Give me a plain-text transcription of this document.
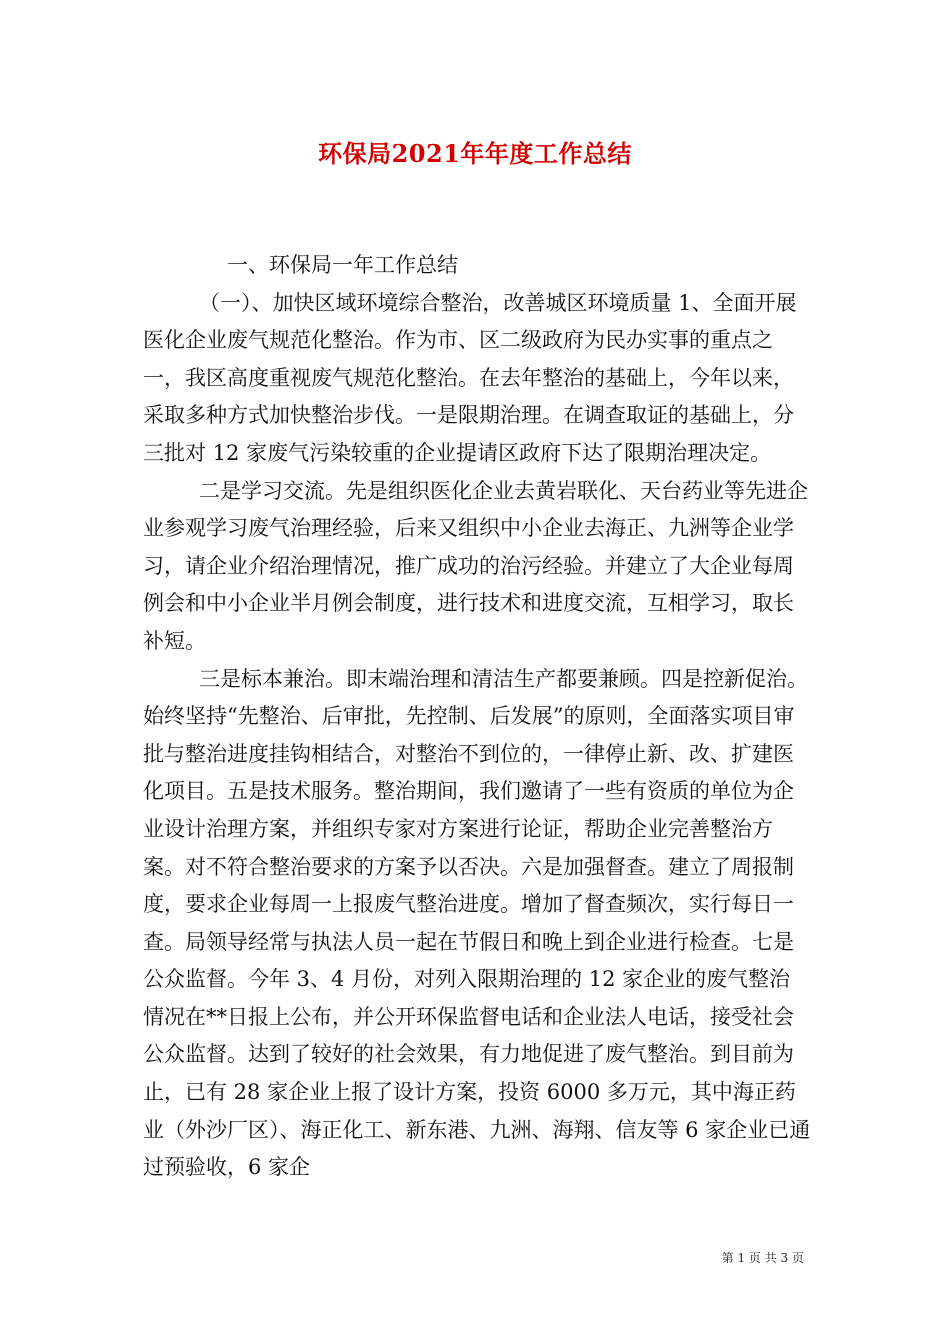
环保局2021年年度工作总结

一、环保局一年工作总结

（一）、加快区域环境综合整治，改善城区环境质量 1、全面开展医化企业废气规范化整治。作为市、区二级政府为民办实事的重点之一，我区高度重视废气规范化整治。在去年整治的基础上，今年以来，采取多种方式加快整治步伐。一是限期治理。在调查取证的基础上，分三批对 12 家废气污染较重的企业提请区政府下达了限期治理决定。

二是学习交流。先是组织医化企业去黄岩联化、天台药业等先进企业参观学习废气治理经验，后来又组织中小企业去海正、九洲等企业学习，请企业介绍治理情况，推广成功的治污经验。并建立了大企业每周例会和中小企业半月例会制度，进行技术和进度交流，互相学习，取长补短。

三是标本兼治。即末端治理和清洁生产都要兼顾。四是控新促治。始终坚持“先整治、后审批，先控制、后发展”的原则，全面落实项目审批与整治进度挂钩相结合，对整治不到位的，一律停止新、改、扩建医化项目。五是技术服务。整治期间，我们邀请了一些有资质的单位为企业设计治理方案，并组织专家对方案进行论证，帮助企业完善整治方案。对不符合整治要求的方案予以否决。六是加强督查。建立了周报制度，要求企业每周一上报废气整治进度。增加了督查频次，实行每日一查。局领导经常与执法人员一起在节假日和晚上到企业进行检查。七是公众监督。今年 3、4 月份，对列入限期治理的 12 家企业的废气整治情况在**日报上公布，并公开环保监督电话和企业法人电话，接受社会公众监督。达到了较好的社会效果，有力地促进了废气整治。到目前为止，已有 28 家企业上报了设计方案，投资 6000 多万元，其中海正药业（外沙厂区）、海正化工、新东港、九洲、海翔、信友等 6 家企业已通过预验收，6 家企

第 1 页 共 3 页
